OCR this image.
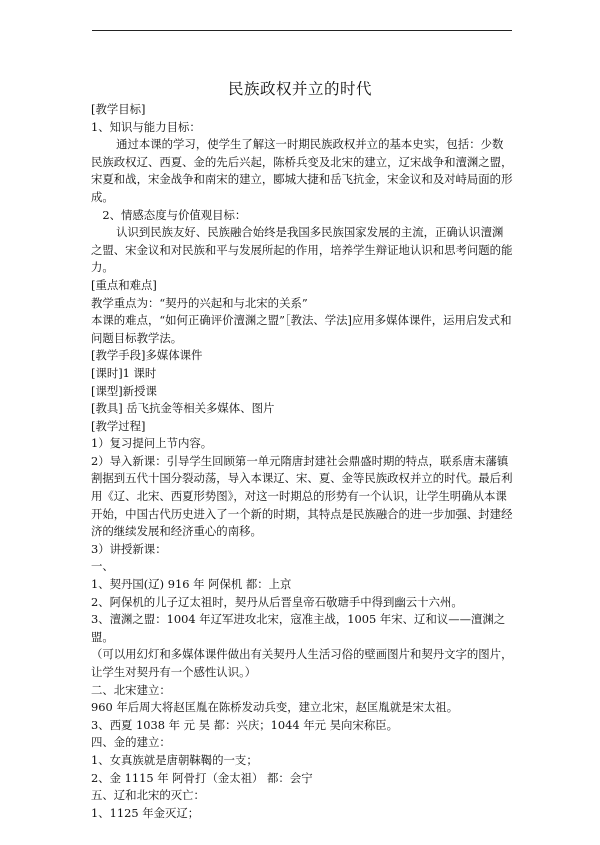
民族政权并立的时代

[教学目标]

1、知识与能力目标：

通过本课的学习，使学生了解这一时期民族政权并立的基本史实，包括：少数民族政权辽、西夏、金的先后兴起，陈桥兵变及北宋的建立，辽宋战争和澶渊之盟，宋夏和战，宋金战争和南宋的建立，郾城大捷和岳飞抗金，宋金议和及对峙局面的形成。

2、情感态度与价值观目标：

认识到民族友好、民族融合始终是我国多民族国家发展的主流，正确认识澶渊之盟、宋金议和对民族和平与发展所起的作用，培养学生辩证地认识和思考问题的能力。

[重点和难点]

教学重点为：“契丹的兴起和与北宋的关系”

本课的难点，“如何正确评价澶渊之盟”［教法、学法]应用多媒体课件，运用启发式和问题目标教学法。

[教学手段]多媒体课件

[课时]1 课时

[课型]新授课

[教具] 岳飞抗金等相关多媒体、图片

[教学过程]

1）复习提问上节内容。

2）导入新课：引导学生回顾第一单元隋唐封建社会鼎盛时期的特点，联系唐末藩镇割据到五代十国分裂动荡，导入本课辽、宋、夏、金等民族政权并立的时代。最后利用《辽、北宋、西夏形势图》，对这一时期总的形势有一个认识，让学生明确从本课开始，中国古代历史进入了一个新的时期，其特点是民族融合的进一步加强、封建经济的继续发展和经济重心的南移。

3）讲授新课：

一、

1、契丹国(辽) 916 年 阿保机 都：上京

2、阿保机的儿子辽太祖时，契丹从后晋皇帝石敬瑭手中得到幽云十六州。

3、澶渊之盟：1004 年辽军进攻北宋，寇准主战，1005 年宋、辽和议——澶渊之盟。

（可以用幻灯和多媒体课件做出有关契丹人生活习俗的壁画图片和契丹文字的图片，让学生对契丹有一个感性认识。）

二、北宋建立：

960 年后周大将赵匡胤在陈桥发动兵变，建立北宋，赵匡胤就是宋太祖。

3、西夏 1038 年 元 昊 都：兴庆；1044 年元 昊向宋称臣。

四、金的建立：

1、女真族就是唐朝靺鞨的一支；

2、金 1115 年 阿骨打（金太祖） 都：会宁

五、辽和北宋的灭亡：

1、1125 年金灭辽；
